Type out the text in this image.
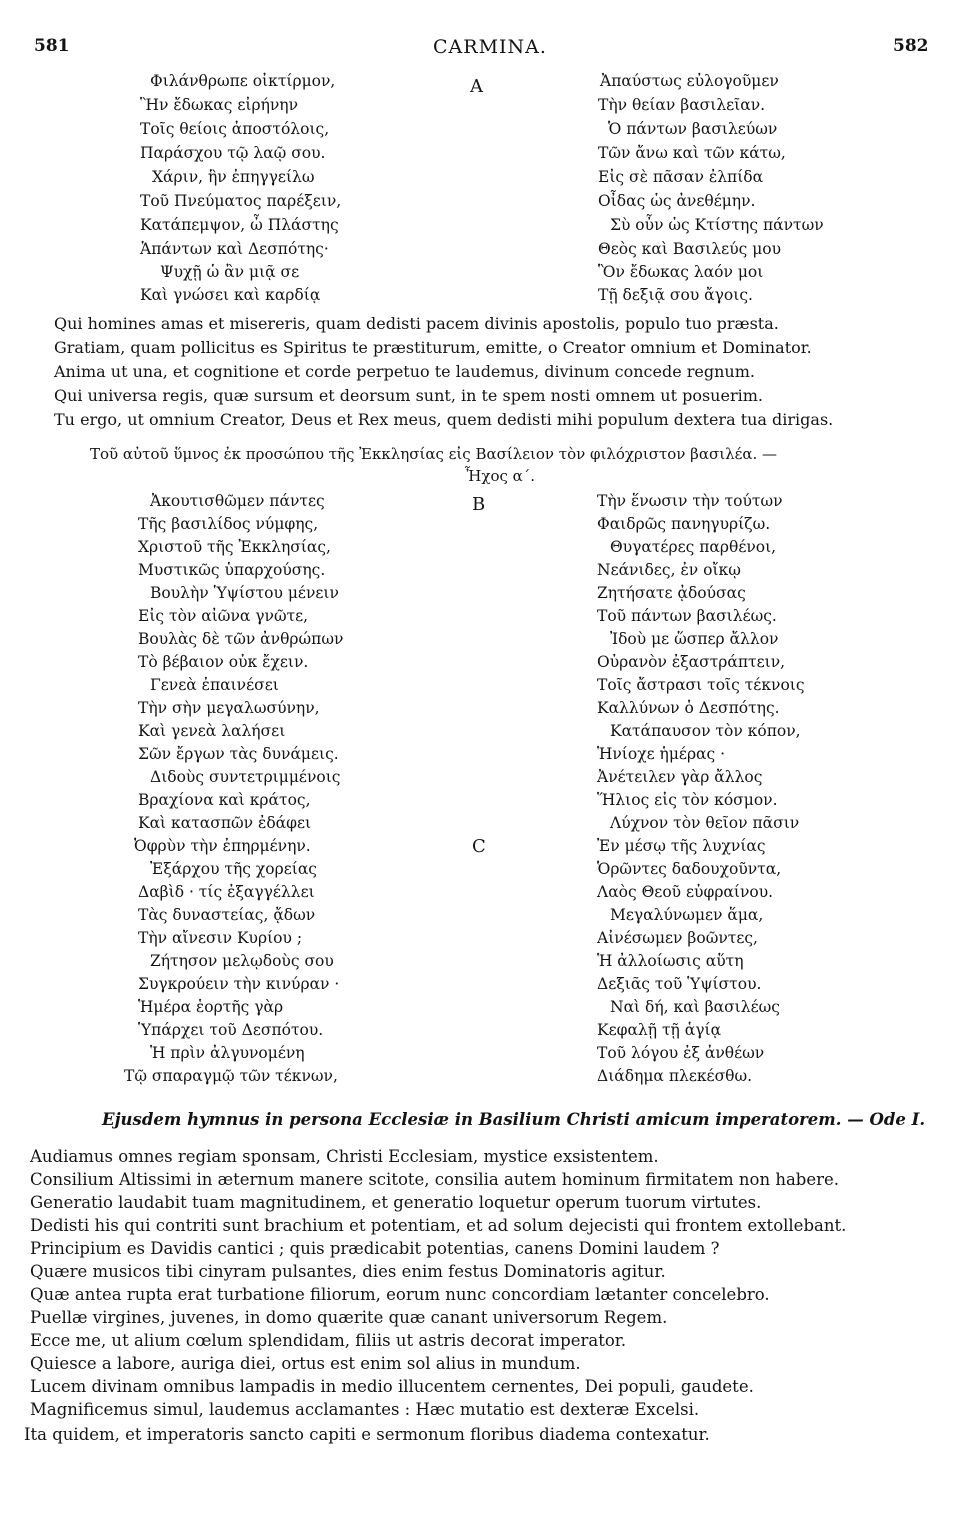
581	CARMINA.	582
A
Φιλάνθρωπε οἰκτίρμον,
Ἣν ἔδωκας εἰρήνην
Τοῖς θείοις ἀποστόλοις,
Παράσχου τῷ λαῷ σου.
Χάριν, ἣν ἐπηγγείλω
Τοῦ Πνεύματος παρέξειν,
Κατάπεμψον, ὦ Πλάστης
Ἁπάντων καὶ Δεσπότης·
Ψυχῇ ὡ ἂν μιᾷ σε
Καὶ γνώσει καὶ καρδίᾳ
Ἀπαύστως εὐλογοῦμεν
Τὴν θείαν βασιλεῖαν.
Ὁ πάντων βασιλεύων
Τῶν ἄνω καὶ τῶν κάτω,
Εἰς σὲ πᾶσαν ἐλπίδα
Οἶδας ὡς ἀνεθέμην.
Σὺ οὖν ὡς Κτίστης πάντων
Θεὸς καὶ Βασιλεύς μου
Ὃν ἔδωκας λαόν μοι
Τῇ δεξιᾷ σου ἄγοις.
Qui homines amas et misereris, quam dedisti pacem divinis apostolis, populo tuo præsta.
Gratiam, quam pollicitus es Spiritus te præstiturum, emitte, o Creator omnium et Dominator.
Anima ut una, et cognitione et corde perpetuo te laudemus, divinum concede regnum.
Qui universa regis, quæ sursum et deorsum sunt, in te spem nosti omnem ut posuerim.
Tu ergo, ut omnium Creator, Deus et Rex meus, quem dedisti mihi populum dextera tua dirigas.
Τοῦ αὐτοῦ ὕμνος ἐκ προσώπου τῆς Ἐκκλησίας εἰς Βασίλειον τὸν φιλόχριστον βασιλέα. —
Ἦχος α΄.
B
C
Ἀκουτισθῶμεν πάντες
Τῆς βασιλίδος νύμφης,
Χριστοῦ τῆς Ἐκκλησίας,
Μυστικῶς ὑπαρχούσης.
Βουλὴν Ὑψίστου μένειν
Εἰς τὸν αἰῶνα γνῶτε,
Βουλὰς δὲ τῶν ἀνθρώπων
Τὸ βέβαιον οὐκ ἔχειν.
Γενεὰ ἐπαινέσει
Τὴν σὴν μεγαλωσύνην,
Καὶ γενεὰ λαλήσει
Σῶν ἔργων τὰς δυνάμεις.
Διδοὺς συντετριμμένοις
Βραχίονα καὶ κράτος,
Καὶ κατασπῶν ἐδάφει
Ὀφρὺν τὴν ἐπηρμένην.
Ἐξάρχου τῆς χορείας
Δαβὶδ · τίς ἐξαγγέλλει
Τὰς δυναστείας, ᾄδων
Τὴν αἴνεσιν Κυρίου ;
Ζήτησον μελῳδοὺς σου
Συγκρούειν τὴν κινύραν ·
Ἡμέρα ἑορτῆς γὰρ
Ὑπάρχει τοῦ Δεσπότου.
Ἡ πρὶν ἀλγυνομένη
Τῷ σπαραγμῷ τῶν τέκνων,
Τὴν ἕνωσιν τὴν τούτων
Φαιδρῶς πανηγυρίζω.
Θυγατέρες παρθένοι,
Νεάνιδες, ἐν οἴκῳ
Ζητήσατε ᾀδούσας
Τοῦ πάντων βασιλέως.
Ἰδοὺ με ὥσπερ ἄλλον
Οὐρανὸν ἐξαστράπτειν,
Τοῖς ἄστρασι τοῖς τέκνοις
Καλλύνων ὁ Δεσπότης.
Κατάπαυσον τὸν κόπον,
Ἡνίοχε ἡμέρας ·
Ἀνέτειλεν γὰρ ἄλλος
Ἥλιος εἰς τὸν κόσμον.
Λύχνον τὸν θεῖον πᾶσιν
Ἐν μέσῳ τῆς λυχνίας
Ὁρῶντες δαδουχοῦντα,
Λαὸς Θεοῦ εὐφραίνου.
Μεγαλύνωμεν ἅμα,
Αἰνέσωμεν βοῶντες,
Ἡ ἀλλοίωσις αὕτη
Δεξιᾶς τοῦ Ὑψίστου.
Ναὶ δή, καὶ βασιλέως
Κεφαλῇ τῇ ἁγίᾳ
Τοῦ λόγου ἐξ ἀνθέων
Διάδημα πλεκέσθω.
Ejusdem hymnus in persona Ecclesiæ in Basilium Christi amicum imperatorem. — Ode I.
Audiamus omnes regiam sponsam, Christi Ecclesiam, mystice exsistentem.
Consilium Altissimi in æternum manere scitote, consilia autem hominum firmitatem non habere.
Generatio laudabit tuam magnitudinem, et generatio loquetur operum tuorum virtutes.
Dedisti his qui contriti sunt brachium et potentiam, et ad solum dejecisti qui frontem extollebant.
Principium es Davidis cantici ; quis prædicabit potentias, canens Domini laudem ?
Quære musicos tibi cinyram pulsantes, dies enim festus Dominatoris agitur.
Quæ antea rupta erat turbatione filiorum, eorum nunc concordiam lætanter concelebro.
Puellæ virgines, juvenes, in domo quærite quæ canant universorum Regem.
Ecce me, ut alium cœlum splendidam, filiis ut astris decorat imperator.
Quiesce a labore, auriga diei, ortus est enim sol alius in mundum.
Lucem divinam omnibus lampadis in medio illucentem cernentes, Dei populi, gaudete.
Magnificemus simul, laudemus acclamantes : Hæc mutatio est dexteræ Excelsi.
Ita quidem, et imperatoris sancto capiti e sermonum floribus diadema contexatur.
